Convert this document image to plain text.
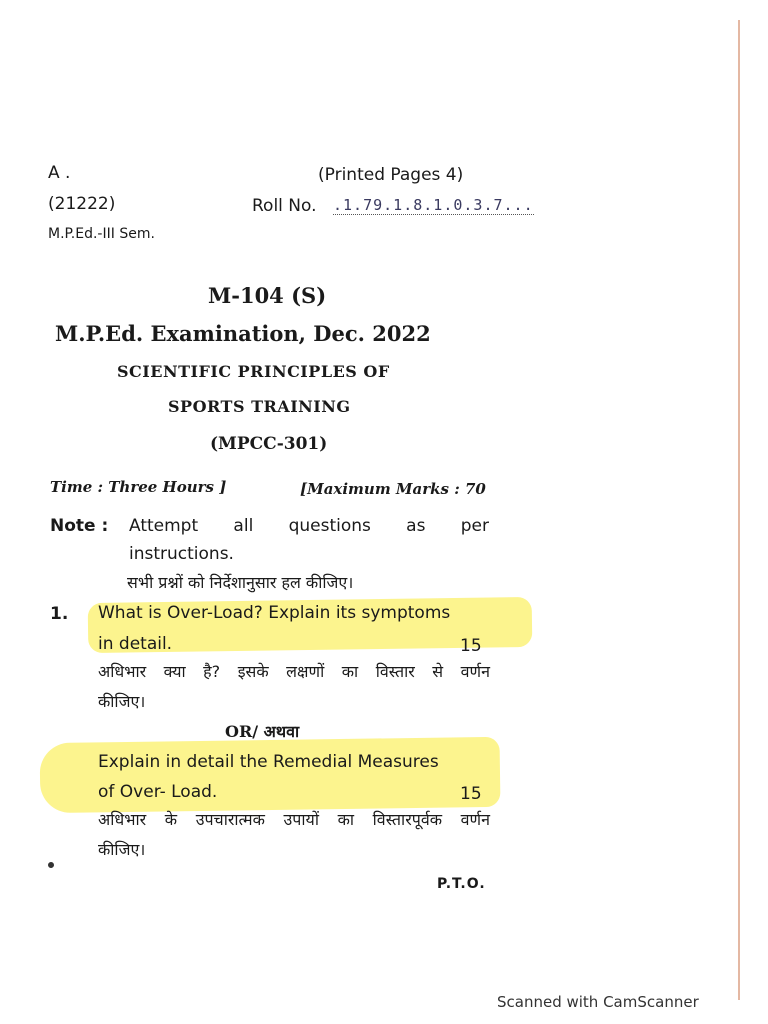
A .	(Printed Pages 4)
(21222)	Roll No. .1.79.1.8.1.0.3.7...
M.P.Ed.-III Sem.
M-104 (S)
M.P.Ed. Examination, Dec. 2022
SCIENTIFIC PRINCIPLES OF
SPORTS TRAINING
(MPCC-301)
Time : Three Hours ]	[Maximum Marks : 70
Note : Attempt all questions as per
instructions.
सभी प्रश्नों को निर्देशानुसार हल कीजिए।
1. What is Over-Load? Explain its symptoms
in detail.	15
अधिभार क्या है? इसके लक्षणों का विस्तार से वर्णन
कीजिए।
OR/ अथवा
Explain in detail the Remedial Measures
of Over- Load.	15
अधिभार के उपचारात्मक उपायों का विस्तारपूर्वक वर्णन
कीजिए।
P.T.O.
Scanned with CamScanner
